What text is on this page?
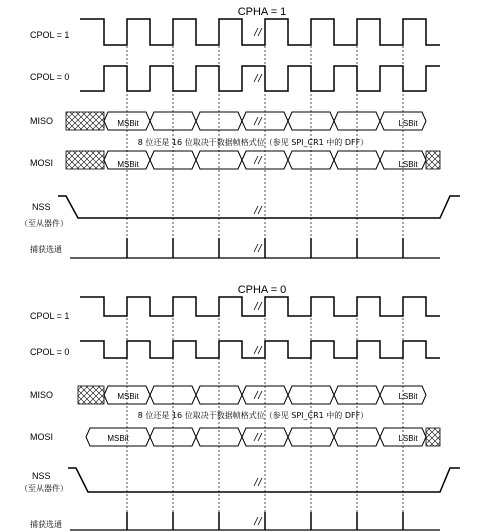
CPHA = 1
CPOL = 1
CPOL = 0
MISO	MSBit	LSBit
8 位还是 16 位取决于数据帧格式位（参见 SPI_CR1 中的 DFF）
MOSI	MSBit	LSBit
NSS
（至从器件）
捕获选通
CPHA = 0
CPOL = 1
CPOL = 0
MISO	MSBit	LSBit
8 位还是 16 位取决于数据帧格式位（参见 SPI_CR1 中的 DFF）
MOSI	MSBit	LSBit
NSS
（至从器件）
捕获选通
